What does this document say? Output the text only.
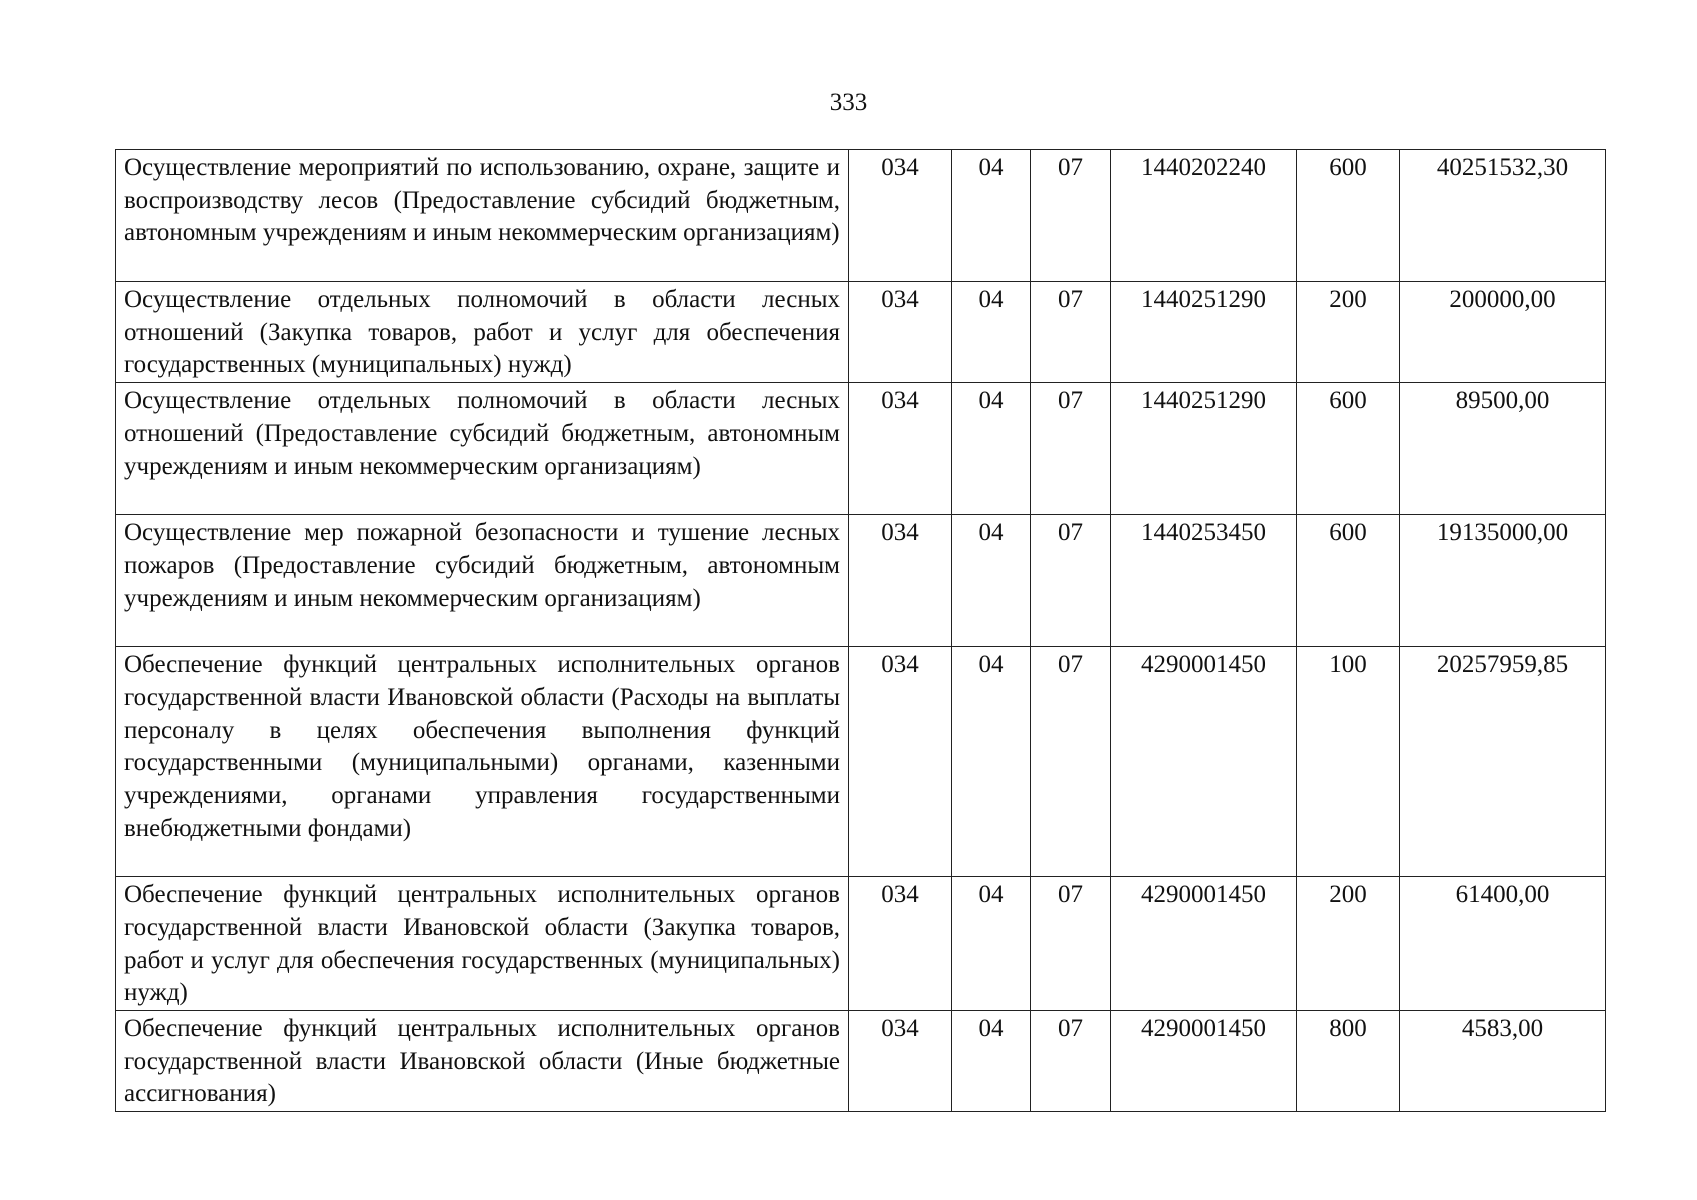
333
Осуществление мероприятий по использованию, охране, защите и воспроизводству лесов (Предоставление субсидий бюджетным, автономным учреждениям и иным некоммерческим организациям)	034	04	07	1440202240	600	40251532,30
Осуществление отдельных полномочий в области лесных отношений (Закупка товаров, работ и услуг для обеспечения государственных (муниципальных) нужд)	034	04	07	1440251290	200	200000,00
Осуществление отдельных полномочий в области лесных отношений (Предоставление субсидий бюджетным, автономным учреждениям и иным некоммерческим организациям)	034	04	07	1440251290	600	89500,00
Осуществление мер пожарной безопасности и тушение лесных пожаров (Предоставление субсидий бюджетным, автономным учреждениям и иным некоммерческим организациям)	034	04	07	1440253450	600	19135000,00
Обеспечение функций центральных исполнительных органов государственной власти Ивановской области (Расходы на выплаты персоналу в целях обеспечения выполнения функций государственными (муниципальными) органами, казенными учреждениями, органами управления государственными внебюджетными фондами)	034	04	07	4290001450	100	20257959,85
Обеспечение функций центральных исполнительных органов государственной власти Ивановской области (Закупка товаров, работ и услуг для обеспечения государственных (муниципальных) нужд)	034	04	07	4290001450	200	61400,00
Обеспечение функций центральных исполнительных органов государственной власти Ивановской области (Иные бюджетные ассигнования)	034	04	07	4290001450	800	4583,00
